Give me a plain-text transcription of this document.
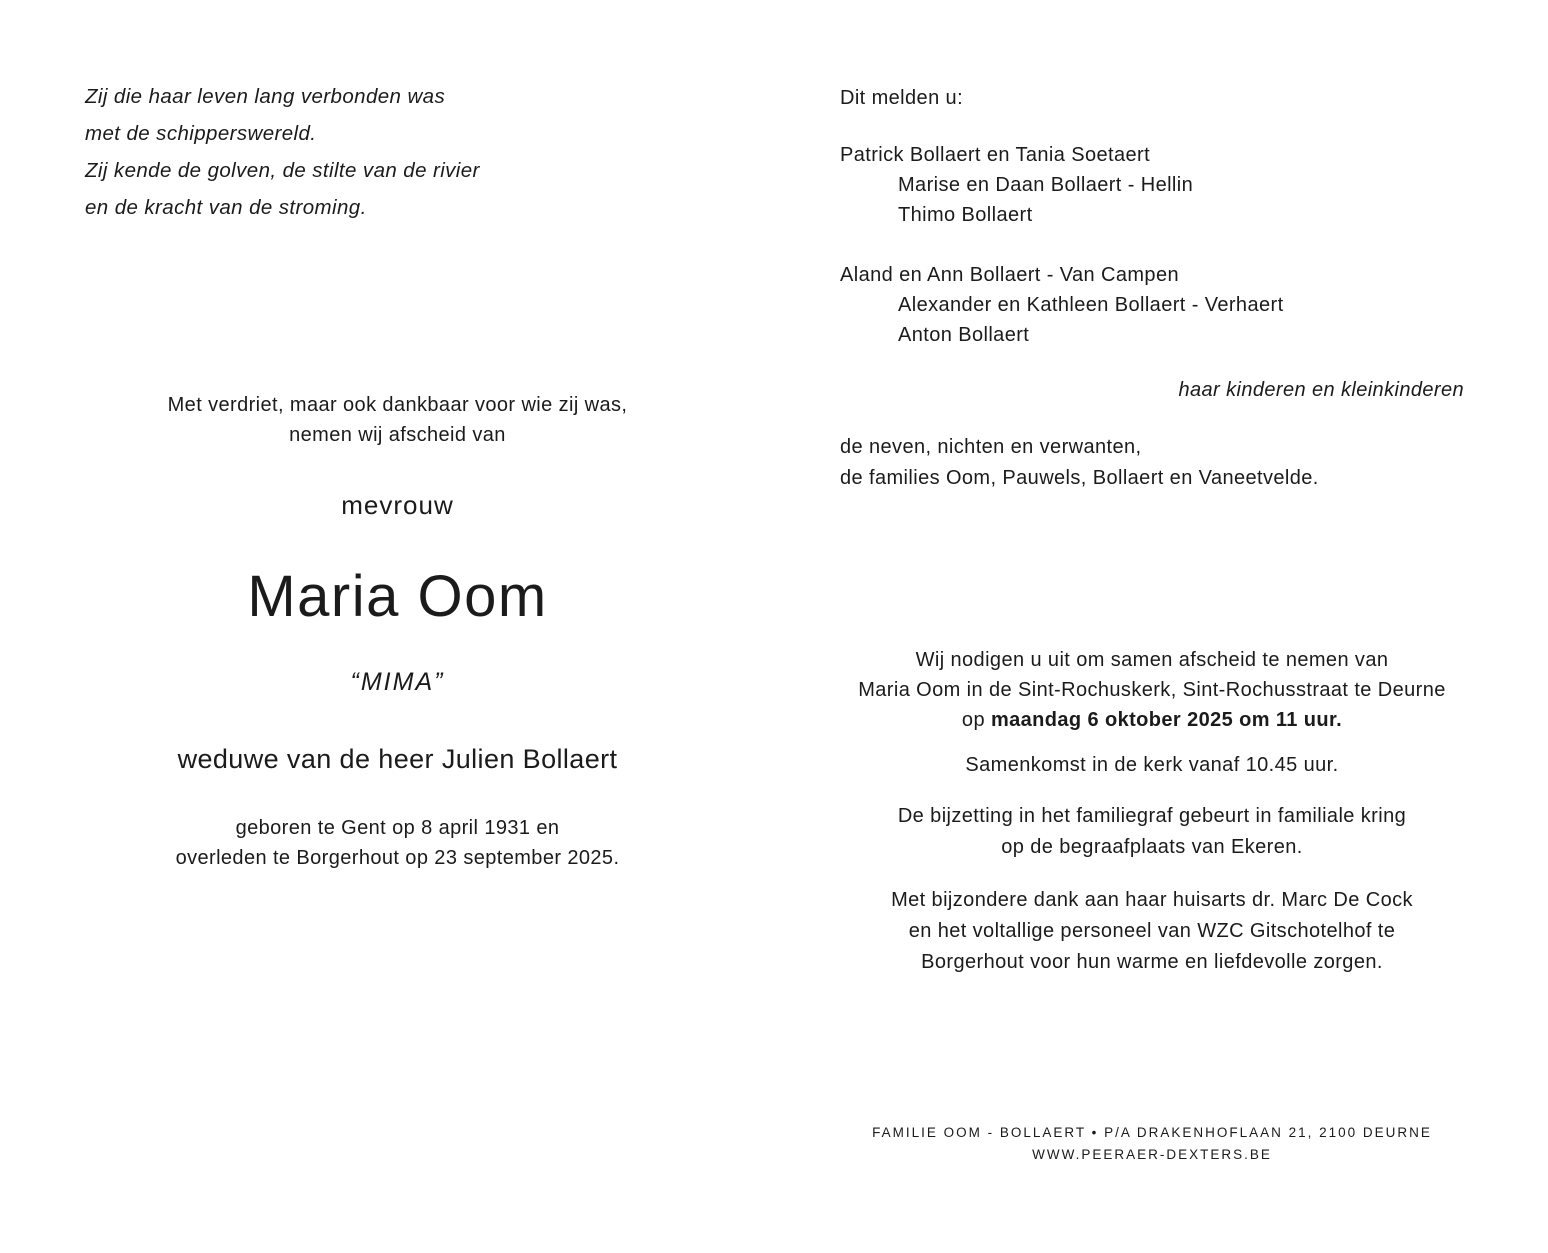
Zij die haar leven lang verbonden was
met de schipperswereld.
Zij kende de golven, de stilte van de rivier
en de kracht van de stroming.
Met verdriet, maar ook dankbaar voor wie zij was,
nemen wij afscheid van
mevrouw
Maria Oom
“MIMA”
weduwe van de heer Julien Bollaert
geboren te Gent op 8 april 1931 en
overleden te Borgerhout op 23 september 2025.
Dit melden u:
Patrick Bollaert en Tania Soetaert
Marise en Daan Bollaert - Hellin
Thimo Bollaert
Aland en Ann Bollaert - Van Campen
Alexander en Kathleen Bollaert - Verhaert
Anton Bollaert
haar kinderen en kleinkinderen
de neven, nichten en verwanten,
de families Oom, Pauwels, Bollaert en Vaneetvelde.
Wij nodigen u uit om samen afscheid te nemen van
Maria Oom in de Sint-Rochuskerk, Sint-Rochusstraat te Deurne
op maandag 6 oktober 2025 om 11 uur.
Samenkomst in de kerk vanaf 10.45 uur.
De bijzetting in het familiegraf gebeurt in familiale kring
op de begraafplaats van Ekeren.
Met bijzondere dank aan haar huisarts dr. Marc De Cock
en het voltallige personeel van WZC Gitschotelhof te
Borgerhout voor hun warme en liefdevolle zorgen.
FAMILIE OOM - BOLLAERT • P/A DRAKENHOFLAAN 21, 2100 DEURNE
WWW.PEERAER-DEXTERS.BE
